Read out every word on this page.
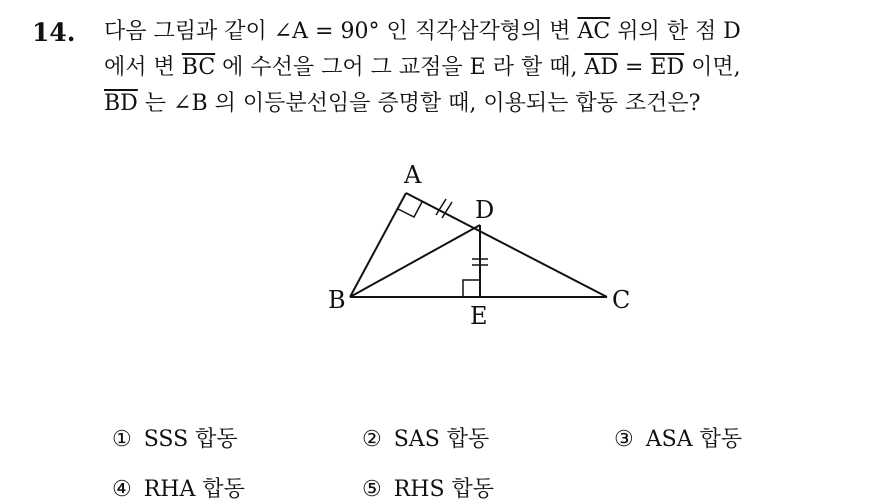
14. 다음 그림과 같이 ∠A = 90° 인 직각삼각형의 변 $\overline{AC}$ 위의 한 점 D
에서 변 $\overline{BC}$ 에 수선을 그어 그 교점을 E 라 할 때, $\overline{AD} = \overline{ED}$ 이면,
$\overline{BD}$ 는 ∠B 의 이등분선임을 증명할 때, 이용되는 합동 조건은?
A
B	C
D
E
① SSS 합동	② SAS 합동	③ ASA 합동
④ RHA 합동	⑤ RHS 합동
